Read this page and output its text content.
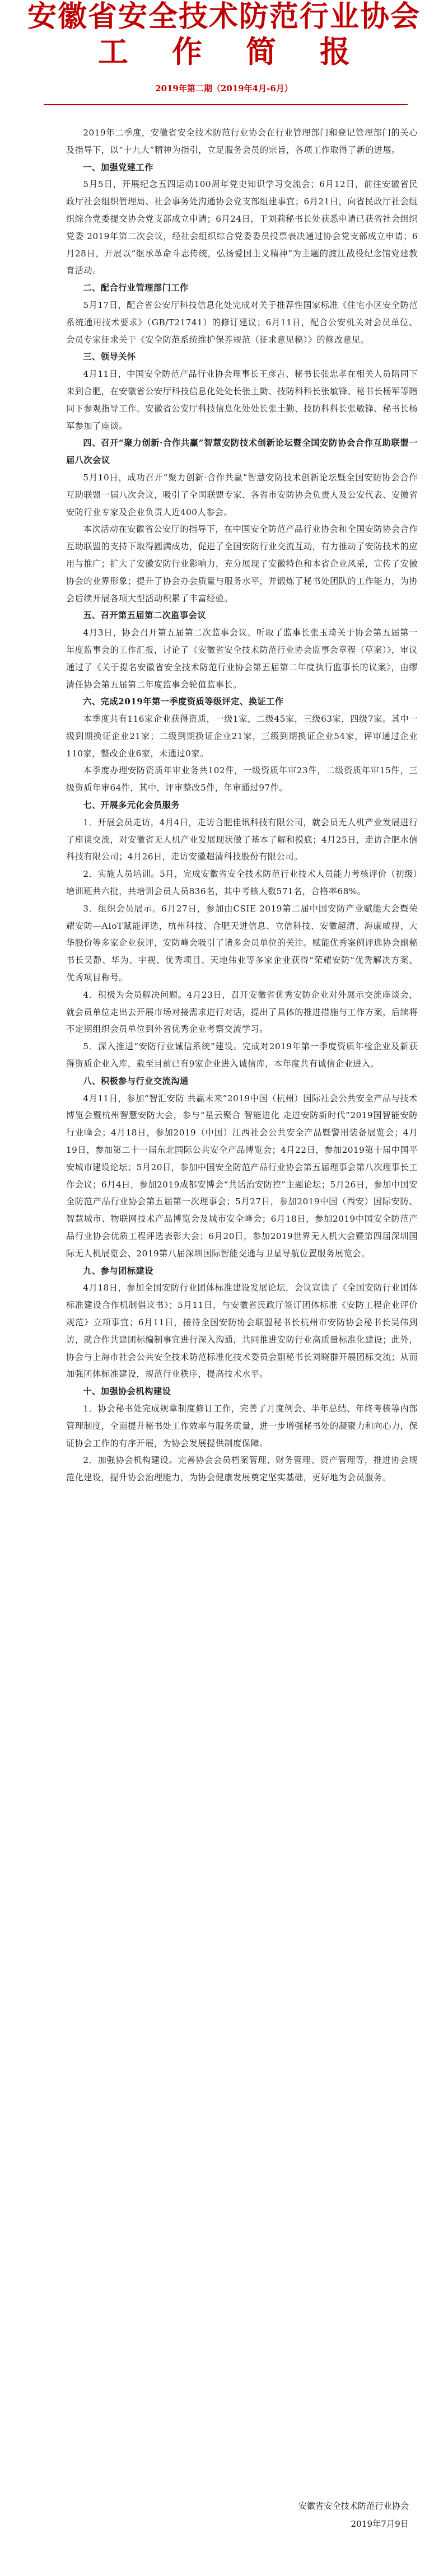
安徽省安全技术防范行业协会
工作简报
2019年第二期（2019年4月-6月）

2019年二季度，安徽省安全技术防范行业协会在行业管理部门和登记管理部门的关心及指导下，以“十九大”精神为指引，立足服务会员的宗旨，各项工作取得了新的进展。

一、加强党建工作

5月5日，开展纪念五四运动100周年党史知识学习交流会；6月12日，前往安徽省民政厅社会组织管理局、社会事务处沟通协会党支部组建事宜；6月21日，向省民政厅社会组织综合党委提交协会党支部成立申请；6月24日，于刘莉秘书长处获悉申请已获省社会组织党委 2019年第二次会议，经社会组织综合党委委员投票表决通过协会党支部成立申请；6月28日，开展以“继承革命斗志传统，弘扬爱国主义精神”为主题的渡江战役纪念馆党建教育活动。

二、配合行业管理部门工作

5月17日，配合省公安厅科技信息化处完成对关于推荐性国家标准《住宅小区安全防范系统通用技术要求》（GB/T21741）的修订建议；6月11日，配合公安机关对会员单位、会员专家征求关于《安全防范系统维护保养规范（征求意见稿）》的修改意见。

三、领导关怀

4月11日，中国安全防范产品行业协会理事长王彦吉、秘书长张忠孝在相关人员陪同下来到合肥，在安徽省公安厅科技信息化处处长张土勤、技防科科长张敏锋、秘书长杨军等陪同下参观指导工作。安徽省公安厅科技信息化处处长张土勤、技防科科长张敏锋、秘书长杨军参加了座谈。

四、召开“聚力创新·合作共赢”智慧安防技术创新论坛暨全国安防协会合作互助联盟一届八次会议

5月10日，成功召开“聚力创新·合作共赢”智慧安防技术创新论坛暨全国安防协会合作互助联盟一届八次会议，吸引了全国联盟专家、各省市安防协会负责人及公安代表、安徽省安防行业专家及企业负责人近400人参会。

本次活动在安徽省公安厅的指导下，在中国安全防范产品行业协会和全国安防协会合作互助联盟的支持下取得圆满成功，促进了全国安防行业交流互动，有力推动了安防技术的应用与推广；扩大了安徽安防行业影响力，充分展现了安徽特色和本省企业风采，宣传了安徽协会的业界形象；提升了协会办会质量与服务水平，并锻炼了秘书处团队的工作能力，为协会后续开展各项大型活动积累了丰富经验。

五、召开第五届第二次监事会议

4月3日，协会召开第五届第二次监事会议。听取了监事长张玉琦关于协会第五届第一年度监事会的工作汇报，讨论了《安徽省安全技术防范行业协会监事会章程（草案）》，审议通过了《关于提名安徽省安全技术防范行业协会第五届第二年度执行监事长的议案》，由缪清任协会第五届第二年度监事会轮值监事长。

六、完成2019年第一季度资质等级评定、换证工作

本季度共有116家企业获得资质，一级1家，二级45家，三级63家，四级7家。其中一级到期换证企业21家；二级到期换证企业21家，三级到期换证企业54家，评审通过企业110家，整改企业6家，未通过0家。

本季度办理安防资质年审业务共102件，一级资质年审23件，二级资质年审15件，三级资质年审64件，其中，评审整改5件，年审通过97件。

七、开展多元化会员服务

1．开展会员走访，4月4日，走访合肥佳讯科技有限公司，就会员无人机产业发展进行了座谈交流，对安徽省无人机产业发展现状做了基本了解和摸底；4月25日，走访合肥水信科技有限公司；4月26日，走访安徽超清科技股份有限公司。

2．实施人员培训。5月，完成安徽省安全技术防范行业技术人员能力考核评价（初级）培训班共六批，共培训会员人员836名，其中考核人数571名，合格率68%。

3．组织会员展示。6月27日，参加由CSIE 2019第二届中国安防产业赋能大会暨荣耀安防—AIoT赋能评选，杭州科技、合肥天进信息、立信科技、安徽超清、海康威视、大华股份等多家企业获评，安防峰会吸引了诸多会员单位的关注。赋能优秀案例评选协会副秘书长吴静、华为、宇视、优秀项目、天地伟业等多家企业获得“荣耀安防”优秀解决方案、优秀项目称号。

4．积极为会员解决问题。4月23日，召开安徽省优秀安防企业对外展示交流座谈会，就会员单位走出去开展市场对接需求进行对话，提出了具体的推进措施与工作方案，后续将不定期组织会员单位到外省优秀企业考察交流学习。

5．深入推进“安防行业诚信系统”建设。完成对2019年第一季度资质年检企业及新获得资质企业入库，截至目前已有9家企业进入诚信库，本年度共有诚信企业进入。

八、积极参与行业交流沟通

4月11日，参加“智汇安防 共赢未来”2019中国（杭州）国际社会公共安全产品与技术博览会暨杭州智慧安防大会，参与“星云聚合 智能进化 走进安防新时代”2019国智能安防行业峰会；4月18日，参加2019（中国）江西社会公共安全产品暨警用装备展览会；4月19日，参加第二十一届东北国际公共安全产品博览会；4月22日，参加2019第十届中国平安城市建设论坛；5月20日，参加中国安全防范产品行业协会第五届理事会第八次理事长工作会议；6月4日，参加2019成都安博会“共话治安防控”主题论坛；5月26日，参加中国安全防范产品行业协会第五届第一次理事会；5月27日，参加2019中国（西安）国际安防、智慧城市、物联网技术产品博览会及城市安全峰会；6月18日，参加2019中国安全防范产品行业协会优质工程评选表彰大会；6月20日，参加2019世界无人机大会暨第四届深圳国际无人机展览会、2019第八届深圳国际智能交通与卫星导航位置服务展览会。

九、参与团标建设

4月18日，参加全国安防行业团体标准建设发展论坛，会议宣读了《全国安防行业团体标准建设合作机制倡议书》；5月11日，与安徽省民政厅签订团体标准《安防工程企业评价规范》立项事宜；6月11日，接待全国安防协会联盟秘书长杭州市安防协会秘书长吴伟到访，就合作共建团标编制事宜进行深入沟通，共同推进安防行业高质量标准化建设；此外，协会与上海市社会公共安全技术防范标准化技术委员会副秘书长刘晓群开展团标交流；从而加强团体标准建设，规范行业秩序，提高技术水平。

十、加强协会机构建设

1．协会秘书处完成规章制度修订工作，完善了月度例会、半年总结、年终考核等内部管理制度，全面提升秘书处工作效率与服务质量，进一步增强秘书处的凝聚力和向心力，保证协会工作的有序开展，为协会发展提供制度保障。

2．加强协会机构建设。完善协会会员档案管理、财务管理、资产管理等，推进协会规范化建设，提升协会治理能力，为协会健康发展奠定坚实基础，更好地为会员服务。

安徽省安全技术防范行业协会
2019年7月9日
